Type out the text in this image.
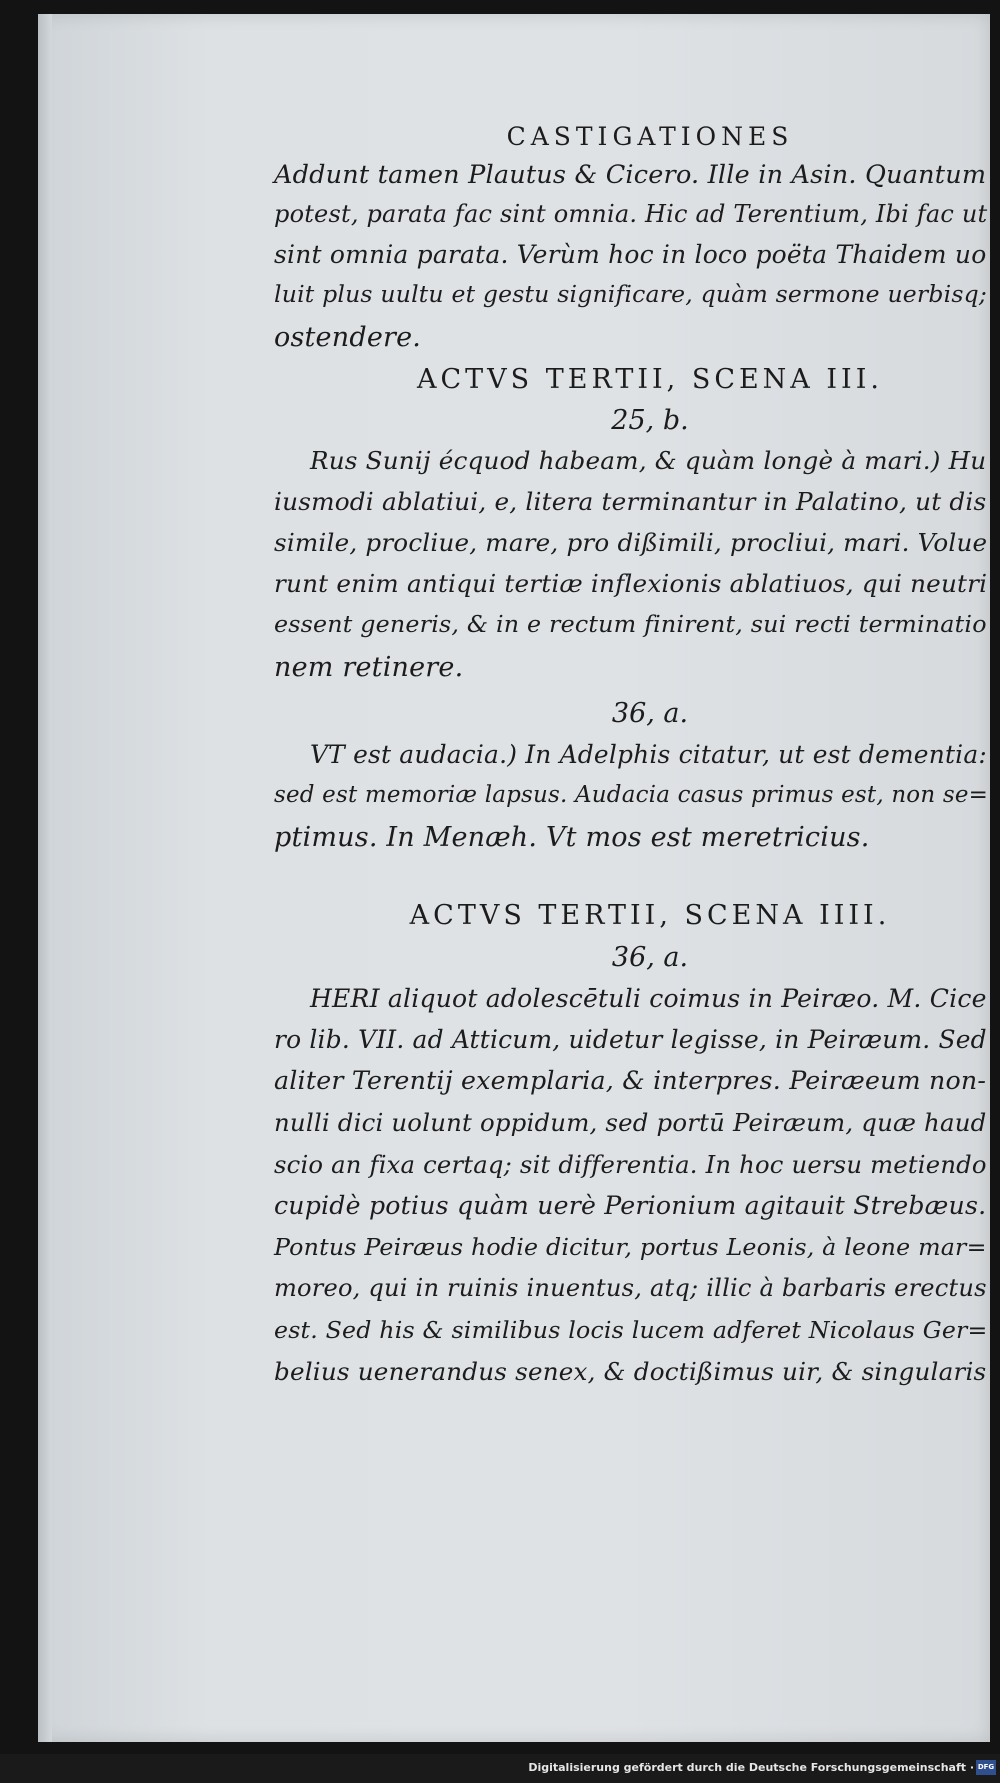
CASTIGATIONES
Addunt tamen Plautus & Cicero. Ille in Asin. Quantum
potest, parata fac sint omnia. Hic ad Terentium, Ibi fac ut
sint omnia parata. Verùm hoc in loco poëta Thaidem uo
luit plus uultu et gestu significare, quàm sermone uerbisq;
ostendere.
ACTVS TERTII, SCENA III.
25, b.
Rus Sunij écquod habeam, & quàm longè à mari.) Hu
iusmodi ablatiui, e, litera terminantur in Palatino, ut dis
simile, procliue, mare, pro dißimili, procliui, mari. Volue
runt enim antiqui tertiæ inflexionis ablatiuos, qui neutri
essent generis, & in e rectum finirent, sui recti terminatio
nem retinere.
36, a.
VT est audacia.) In Adelphis citatur, ut est dementia:
sed est memoriæ lapsus. Audacia casus primus est, non se=
ptimus. In Menæh. Vt mos est meretricius.
ACTVS TERTII, SCENA IIII.
36, a.
HERI aliquot adolescētuli coimus in Peiræo. M. Cice
ro lib. VII. ad Atticum, uidetur legisse, in Peiræum. Sed
aliter Terentij exemplaria, & interpres. Peiræeum non-
nulli dici uolunt oppidum, sed portū Peiræum, quæ haud
scio an fixa certaq; sit differentia. In hoc uersu metiendo
cupidè potius quàm uerè Perionium agitauit Strebæus.
Pontus Peiræus hodie dicitur, portus Leonis, à leone mar=
moreo, qui in ruinis inuentus, atq; illic à barbaris erectus
est. Sed his & similibus locis lucem adferet Nicolaus Ger=
belius uenerandus senex, & doctißimus uir, & singularis
Digitalisierung gefördert durch die Deutsche Forschungsgemeinschaft · DFG
